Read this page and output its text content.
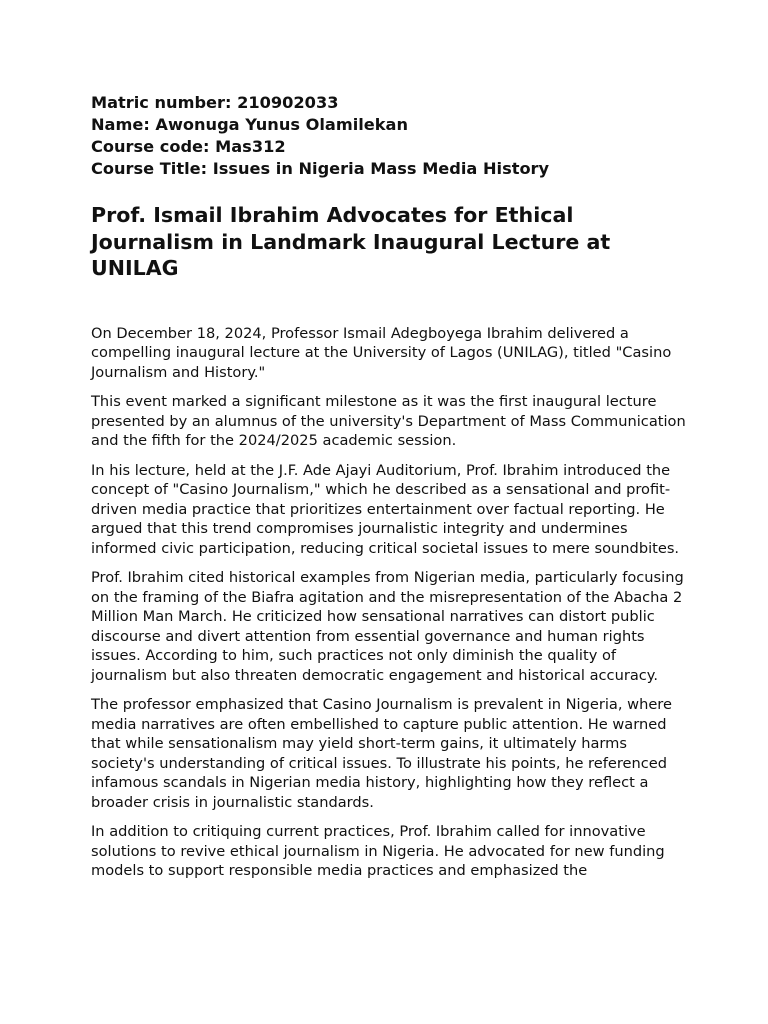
Matric number: 210902033

Name: Awonuga Yunus Olamilekan

Course code: Mas312

Course Title: Issues in Nigeria Mass Media History

Prof. Ismail Ibrahim Advocates for Ethical Journalism in Landmark Inaugural Lecture at UNILAG

On December 18, 2024, Professor Ismail Adegboyega Ibrahim delivered a compelling inaugural lecture at the University of Lagos (UNILAG), titled "Casino Journalism and History."

This event marked a significant milestone as it was the first inaugural lecture presented by an alumnus of the university's Department of Mass Communication and the fifth for the 2024/2025 academic session.

In his lecture, held at the J.F. Ade Ajayi Auditorium, Prof. Ibrahim introduced the concept of "Casino Journalism," which he described as a sensational and profit-driven media practice that prioritizes entertainment over factual reporting. He argued that this trend compromises journalistic integrity and undermines informed civic participation, reducing critical societal issues to mere soundbites.

Prof. Ibrahim cited historical examples from Nigerian media, particularly focusing on the framing of the Biafra agitation and the misrepresentation of the Abacha 2 Million Man March. He criticized how sensational narratives can distort public discourse and divert attention from essential governance and human rights issues. According to him, such practices not only diminish the quality of journalism but also threaten democratic engagement and historical accuracy.

The professor emphasized that Casino Journalism is prevalent in Nigeria, where media narratives are often embellished to capture public attention. He warned that while sensationalism may yield short-term gains, it ultimately harms society's understanding of critical issues. To illustrate his points, he referenced infamous scandals in Nigerian media history, highlighting how they reflect a broader crisis in journalistic standards.

In addition to critiquing current practices, Prof. Ibrahim called for innovative solutions to revive ethical journalism in Nigeria. He advocated for new funding models to support responsible media practices and emphasized the
